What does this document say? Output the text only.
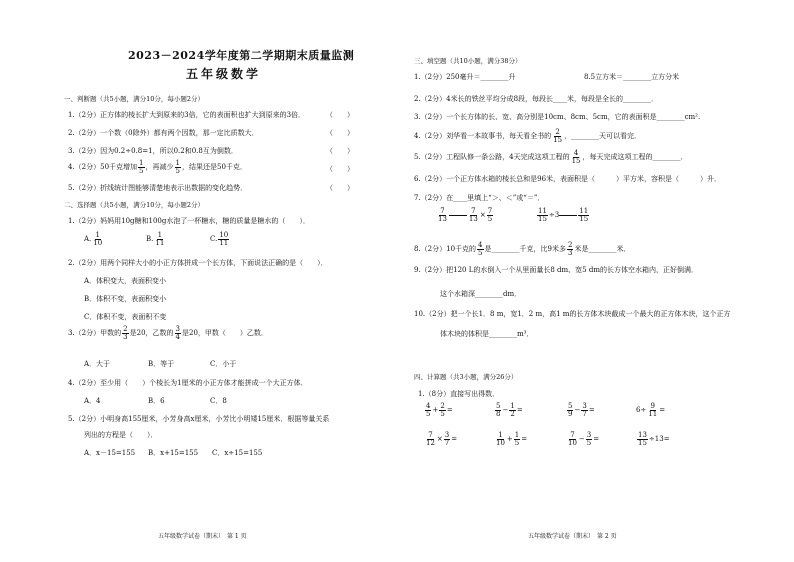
2023－2024学年度第二学期期末质量监测
五年级数学
一、判断题（共5小题，满分10分，每小题2分）
1.（2分）正方体的棱长扩大到原来的3倍，它的表面积也扩大到原来的3倍．	（　　）
2.（2分）一个数（0除外）都有两个因数，那一定比质数大．	（　　）
3.（2分）因为0.2÷0.8=1，所以0.2和0.8互为倒数．	（　　）
4.（2分）50千克增加 $\frac{1}{5}$ ，再减少 $\frac{1}{5}$ ，结果还是50千克．	（　　）
5.（2分）折线统计图能够清楚地表示出数据的变化趋势．	（　　）
二、选择题（共5小题，满分10分，每小题2分）
1.（2分）妈妈用10g糖和100g水泡了一杯糖水，糖的质量是糖水的（　　）．
A. $\frac{1}{10}$	B. $\frac{1}{11}$	C. $\frac{10}{11}$
2.（2分）用两个同样大小的小正方体拼成一个长方体，下面说法正确的是（　　）．
A．体积变大，表面积变小
B．体积不变，表面积变小
C．体积不变，表面积不变
3.（2分）甲数的 $\frac{2}{3}$ 是20，乙数的 $\frac{3}{4}$ 是20，甲数（　　）乙数．
A．大于	B．等于	C．小于
4.（2分）至少用（　　）个棱长为1厘米的小正方体才能拼成一个大正方体．
A．4	B．6	C．8
5.（2分）小明身高155厘米，小芳身高x厘米，小芳比小明矮15厘米．根据等量关系
列出的方程是（　　）．
A．x－15=155 B．x+15=155 C．x÷15=155
五年级数学试卷（期末）　第 1 页
三、填空题（共10小题，满分38分）
1.（2分）250毫升＝________升	8.5立方米＝________立方分米
2.（2分）4米长的铁丝平均分成8段，每段长____米，每段是全长的________．
3.（2分）一个长方体的长、宽、高分别是10cm、8cm、5cm，它的表面积是________cm².
4.（2分）刘华看一本故事书，每天看全书的 $\frac{2}{15}$ ，________天可以看完．
5.（2分）工程队修一条公路，4天完成这项工程的 $\frac{4}{15}$ ，每天完成这项工程的________．
6.（2分）一个正方体水箱的棱长总和是96米，表面积是（　　　）平方米，容积是（　　　）升．
7.（2分）在____里填上“＞、＜”或“＝”．
$\frac{7}{13}$	$\frac{7}{13} \times \frac{7}{5}$	$\frac{11}{15} \div 3$	$\frac{11}{15}$
8.（2分）10千克的 $\frac{4}{5}$ 是________千克，比9米多 $\frac{2}{3}$ 米是________米．
9.（2分）把120 L的水倒入一个从里面量长8 dm、宽5 dm的长方体空水箱内，正好倒满．
这个水箱深________dm．
10.（2分）把一个长1．8 m，宽1．2 m，高1 m的长方体木块截成一个最大的正方体木块，这个正方
体木块的体积是________m³．
四、计算题（共3小题，满分26分）
1.（8分）直接写出得数．
$\frac{4}{5} + \frac{2}{5}$ =	$\frac{5}{8} - \frac{1}{2}$ =	$\frac{5}{9} - \frac{3}{7}$ =	$6\div \frac{9}{11}$ =
$\frac{7}{12} \times \frac{3}{7}$ =	$\frac{1}{10} + \frac{1}{5}$ =	$\frac{7}{10} - \frac{3}{5}$ =	$\frac{13}{15} \div 13=$
五年级数学试卷（期末）　第 2 页
